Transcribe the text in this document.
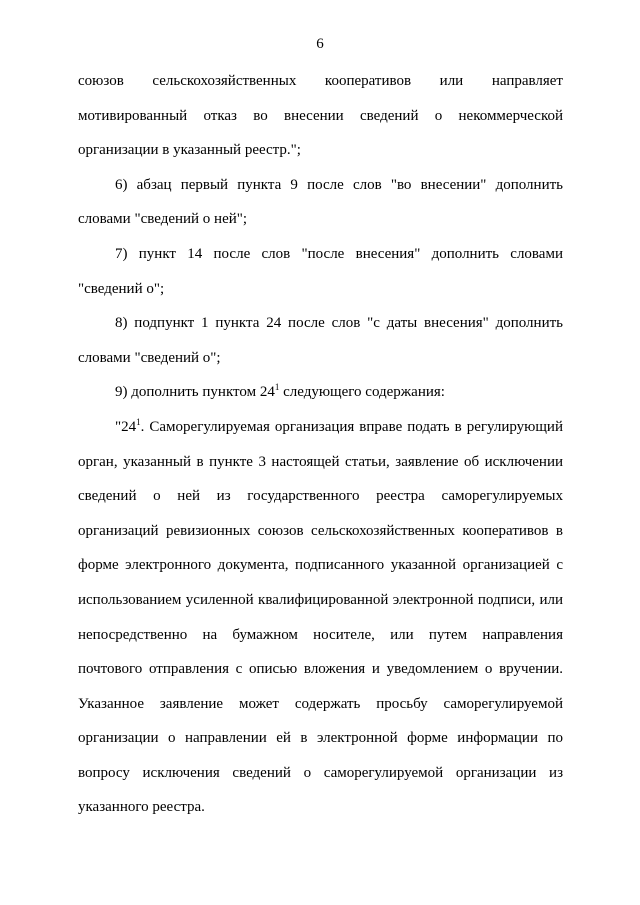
6
союзов сельскохозяйственных кооперативов или направляет
мотивированный отказ во внесении сведений о некоммерческой
организации в указанный реестр.";
6) абзац первый пункта 9 после слов "во внесении" дополнить
словами "сведений о ней";
7) пункт 14 после слов "после внесения" дополнить словами
"сведений о";
8) подпункт 1 пункта 24 после слов "с даты внесения" дополнить
словами "сведений о";
9) дополнить пунктом $24^1$ следующего содержания:
"$24^1$. Саморегулируемая организация вправе подать в регулирующий
орган, указанный в пункте 3 настоящей статьи, заявление об исключении
сведений о ней из государственного реестра саморегулируемых
организаций ревизионных союзов сельскохозяйственных кооперативов в
форме электронного документа, подписанного указанной организацией с
использованием усиленной квалифицированной электронной подписи, или
непосредственно на бумажном носителе, или путем направления
почтового отправления с описью вложения и уведомлением о вручении.
Указанное заявление может содержать просьбу саморегулируемой
организации о направлении ей в электронной форме информации по
вопросу исключения сведений о саморегулируемой организации из
указанного реестра.
